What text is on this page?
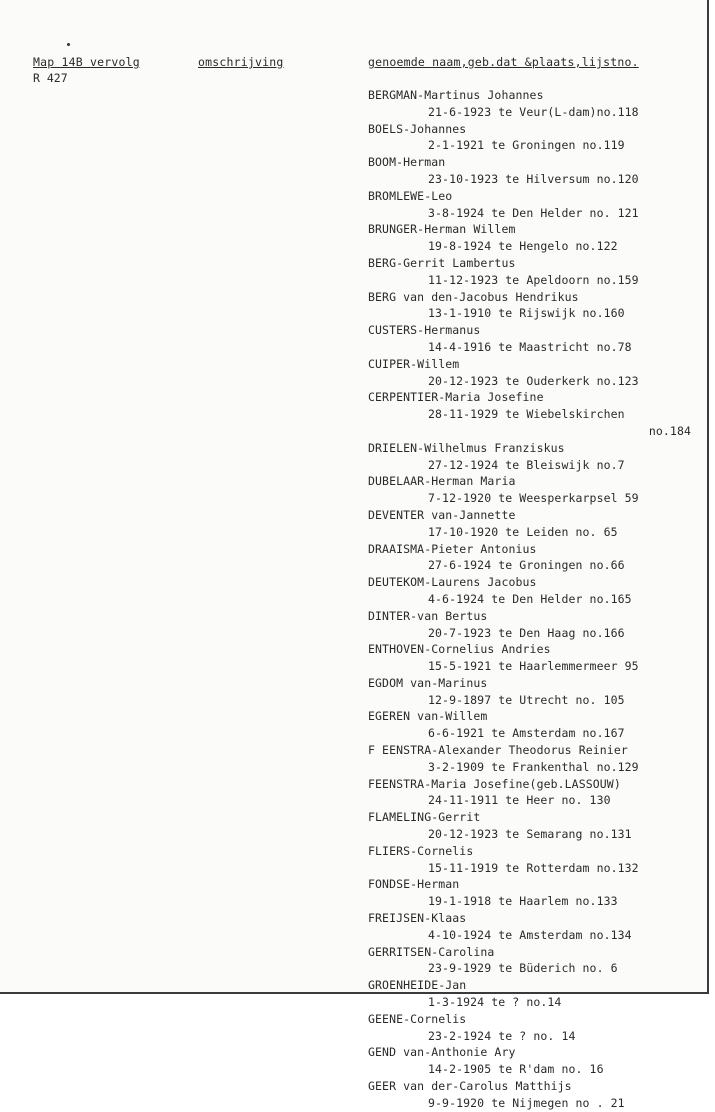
Map 14B vervolg	omschrijving	genoemde naam,geb.dat &plaats,lijstno.
R 427
BERGMAN-Martinus Johannes
21-6-1923 te Veur(L-dam)no.118
BOELS-Johannes
2-1-1921 te Groningen no.119
BOOM-Herman
23-10-1923 te Hilversum no.120
BROMLEWE-Leo
3-8-1924 te Den Helder no. 121
BRUNGER-Herman Willem
19-8-1924 te Hengelo no.122
BERG-Gerrit Lambertus
11-12-1923 te Apeldoorn no.159
BERG van den-Jacobus Hendrikus
13-1-1910 te Rijswijk no.160
CUSTERS-Hermanus
14-4-1916 te Maastricht no.78
CUIPER-Willem
20-12-1923 te Ouderkerk no.123
CERPENTIER-Maria Josefine
28-11-1929 te Wiebelskirchen
no.184
DRIELEN-Wilhelmus Franziskus
27-12-1924 te Bleiswijk no.7
DUBELAAR-Herman Maria
7-12-1920 te Weesperkarpsel 59
DEVENTER van-Jannette
17-10-1920 te Leiden no. 65
DRAAISMA-Pieter Antonius
27-6-1924 te Groningen no.66
DEUTEKOM-Laurens Jacobus
4-6-1924 te Den Helder no.165
DINTER-van Bertus
20-7-1923 te Den Haag no.166
ENTHOVEN-Cornelius Andries
15-5-1921 te Haarlemmermeer 95
EGDOM van-Marinus
12-9-1897 te Utrecht no. 105
EGEREN van-Willem
6-6-1921 te Amsterdam no.167
F EENSTRA-Alexander Theodorus Reinier
3-2-1909 te Frankenthal no.129
FEENSTRA-Maria Josefine(geb.LASSOUW)
24-11-1911 te Heer no. 130
FLAMELING-Gerrit
20-12-1923 te Semarang no.131
FLIERS-Cornelis
15-11-1919 te Rotterdam no.132
FONDSE-Herman
19-1-1918 te Haarlem no.133
FREIJSEN-Klaas
4-10-1924 te Amsterdam no.134
GERRITSEN-Carolina
23-9-1929 te Büderich no. 6
GROENHEIDE-Jan
1-3-1924 te ? no.14
GEENE-Cornelis
23-2-1924 te ? no. 14
GEND van-Anthonie Ary
14-2-1905 te R'dam no. 16
GEER van der-Carolus Matthijs
9-9-1920 te Nijmegen no . 21
